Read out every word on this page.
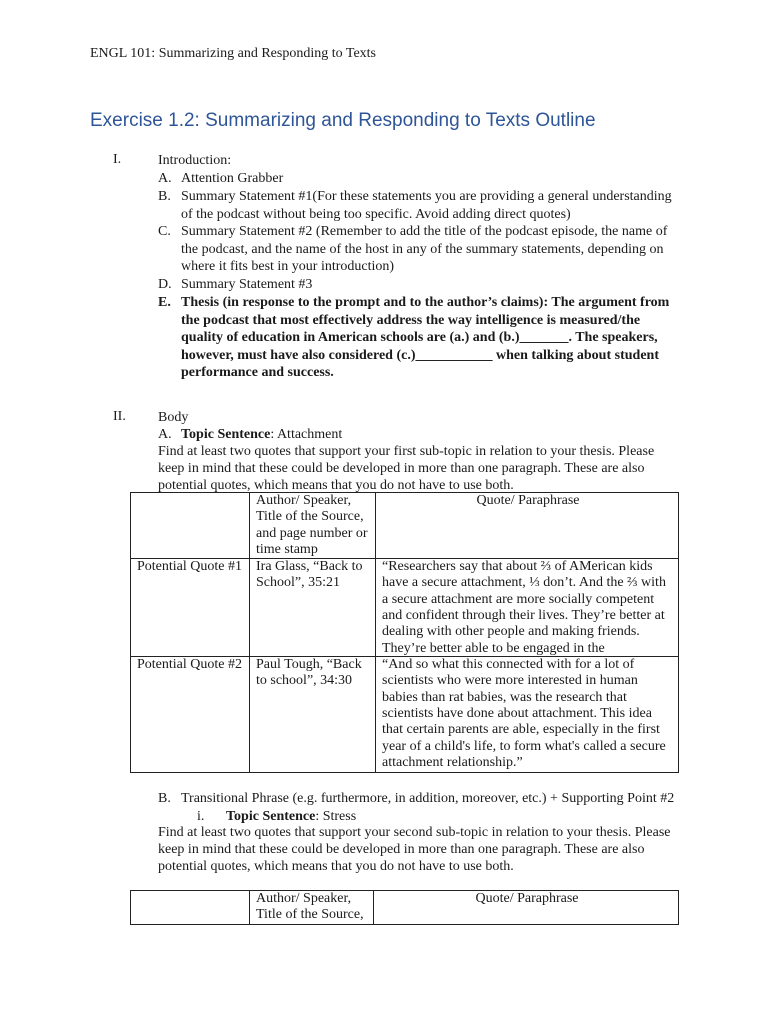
ENGL 101: Summarizing and Responding to Texts
Exercise 1.2: Summarizing and Responding to Texts Outline
I.	Introduction:
A. Attention Grabber
B. Summary Statement #1(For these statements you are providing a general understanding of the podcast without being too specific. Avoid adding direct quotes)
C. Summary Statement #2 (Remember to add the title of the podcast episode, the name of the podcast, and the name of the host in any of the summary statements, depending on where it fits best in your introduction)
D. Summary Statement #3
E. Thesis (in response to the prompt and to the author’s claims): The argument from the podcast that most effectively address the way intelligence is measured/the quality of education in American schools are (a.) and (b.)_______. The speakers, however, must have also considered (c.)___________ when talking about student performance and success.
II. Body
A. Topic Sentence: Attachment
Find at least two quotes that support your first sub-topic in relation to your thesis. Please keep in mind that these could be developed in more than one paragraph. These are also potential quotes, which means that you do not have to use both.
	Author/ Speaker, Title of the Source, and page number or time stamp	Quote/ Paraphrase
Potential Quote #1	Ira Glass, “Back to School”, 35:21	“Researchers say that about ⅔ of AMerican kids have a secure attachment, ⅓ don’t. And the ⅔ with a secure attachment are more socially competent and confident through their lives. They’re better at dealing with other people and making friends. They’re better able to be engaged in the

Potential Quote #2	Paul Tough, “Back to school”, 34:30	“And so what this connected with for a lot of scientists who were more interested in human babies than rat babies, was the research that scientists have done about attachment. This idea that certain parents are able, especially in the first year of a child's life, to form what's called a secure attachment relationship.”
B. Transitional Phrase (e.g. furthermore, in addition, moreover, etc.) + Supporting Point #2
i. Topic Sentence: Stress
Find at least two quotes that support your second sub-topic in relation to your thesis. Please keep in mind that these could be developed in more than one paragraph. These are also potential quotes, which means that you do not have to use both.
	Author/ Speaker, Title of the Source,	Quote/ Paraphrase
